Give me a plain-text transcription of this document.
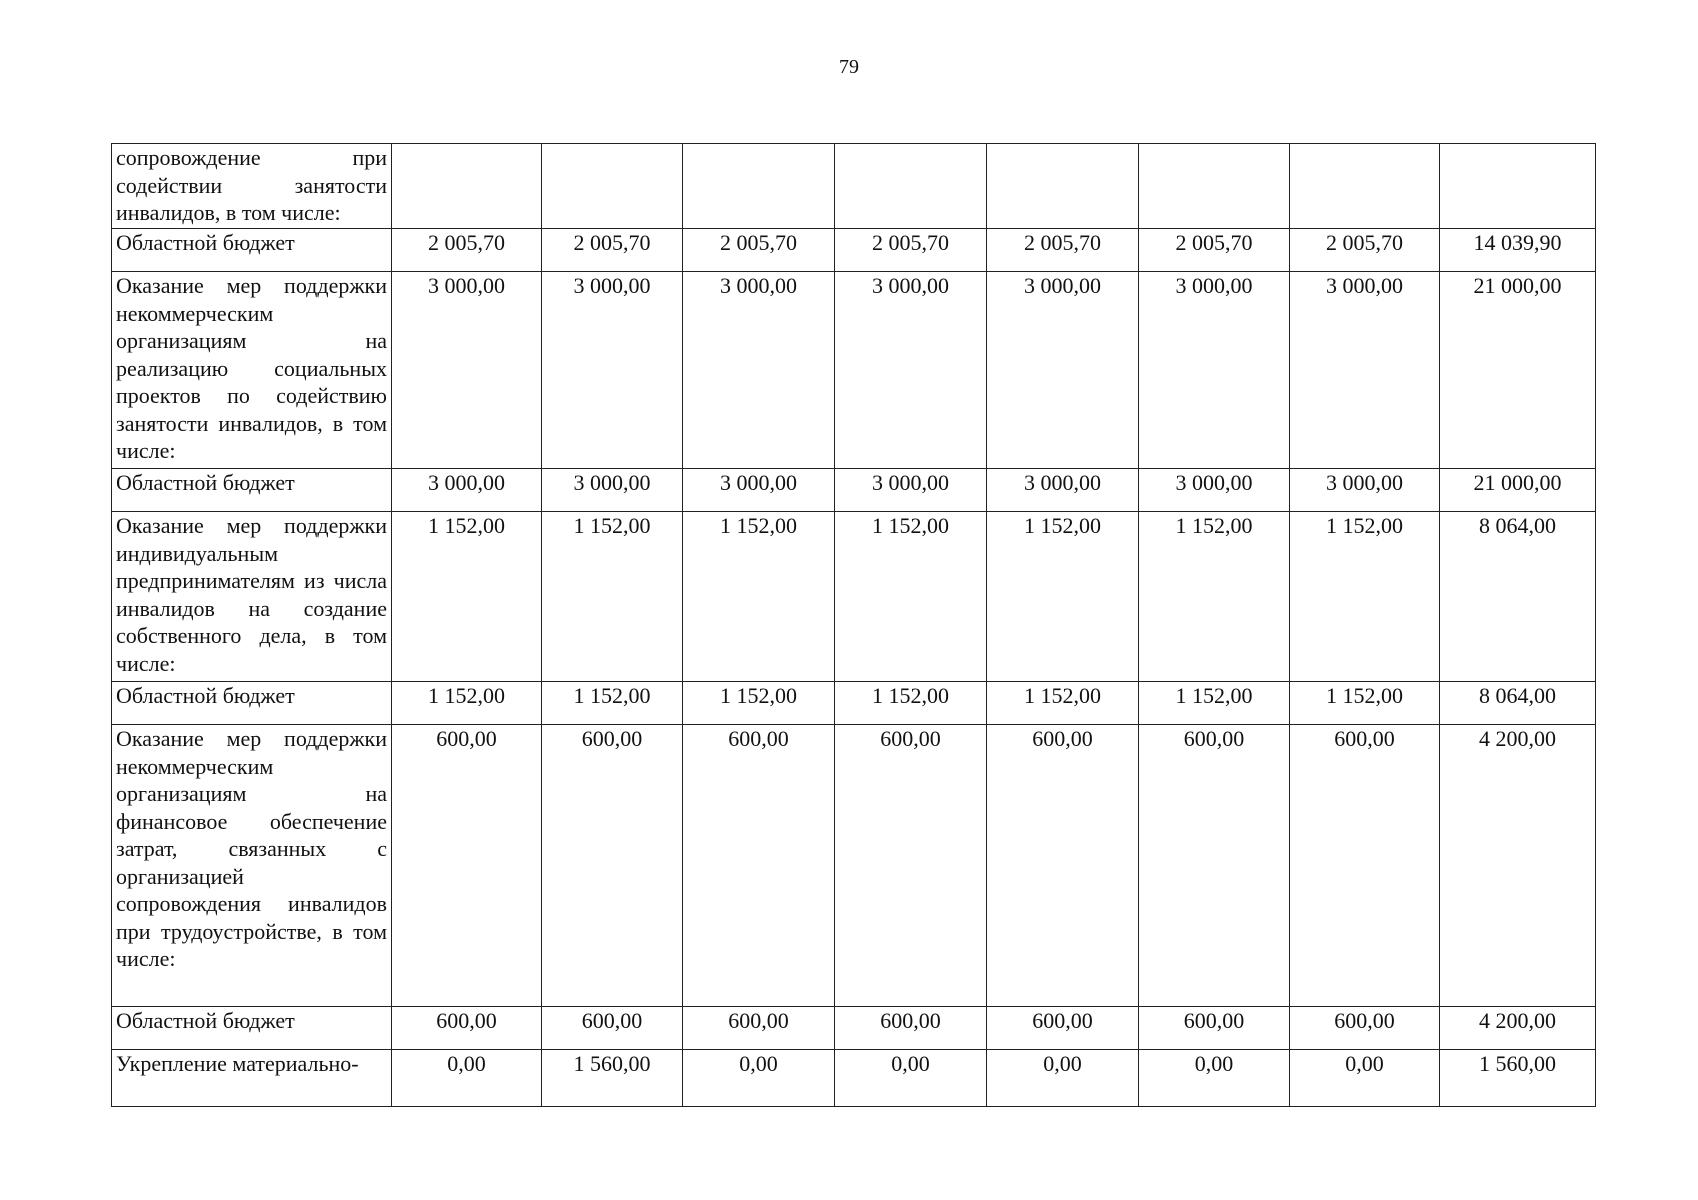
79
сопровождение при содействии занятости инвалидов, в том числе:								
Областной бюджет	2 005,70	2 005,70	2 005,70	2 005,70	2 005,70	2 005,70	2 005,70	14 039,90
Оказание мер поддержки некоммерческим организациям на реализацию социальных проектов по содействию занятости инвалидов, в том числе:	3 000,00	3 000,00	3 000,00	3 000,00	3 000,00	3 000,00	3 000,00	21 000,00
Областной бюджет	3 000,00	3 000,00	3 000,00	3 000,00	3 000,00	3 000,00	3 000,00	21 000,00
Оказание мер поддержки индивидуальным предпринимателям из числа инвалидов на создание собственного дела, в том числе:	1 152,00	1 152,00	1 152,00	1 152,00	1 152,00	1 152,00	1 152,00	8 064,00
Областной бюджет	1 152,00	1 152,00	1 152,00	1 152,00	1 152,00	1 152,00	1 152,00	8 064,00
Оказание мер поддержки некоммерческим организациям на финансовое обеспечение затрат, связанных с организацией сопровождения инвалидов при трудоустройстве, в том числе:	600,00	600,00	600,00	600,00	600,00	600,00	600,00	4 200,00
Областной бюджет	600,00	600,00	600,00	600,00	600,00	600,00	600,00	4 200,00
Укрепление материально-	0,00	1 560,00	0,00	0,00	0,00	0,00	0,00	1 560,00
